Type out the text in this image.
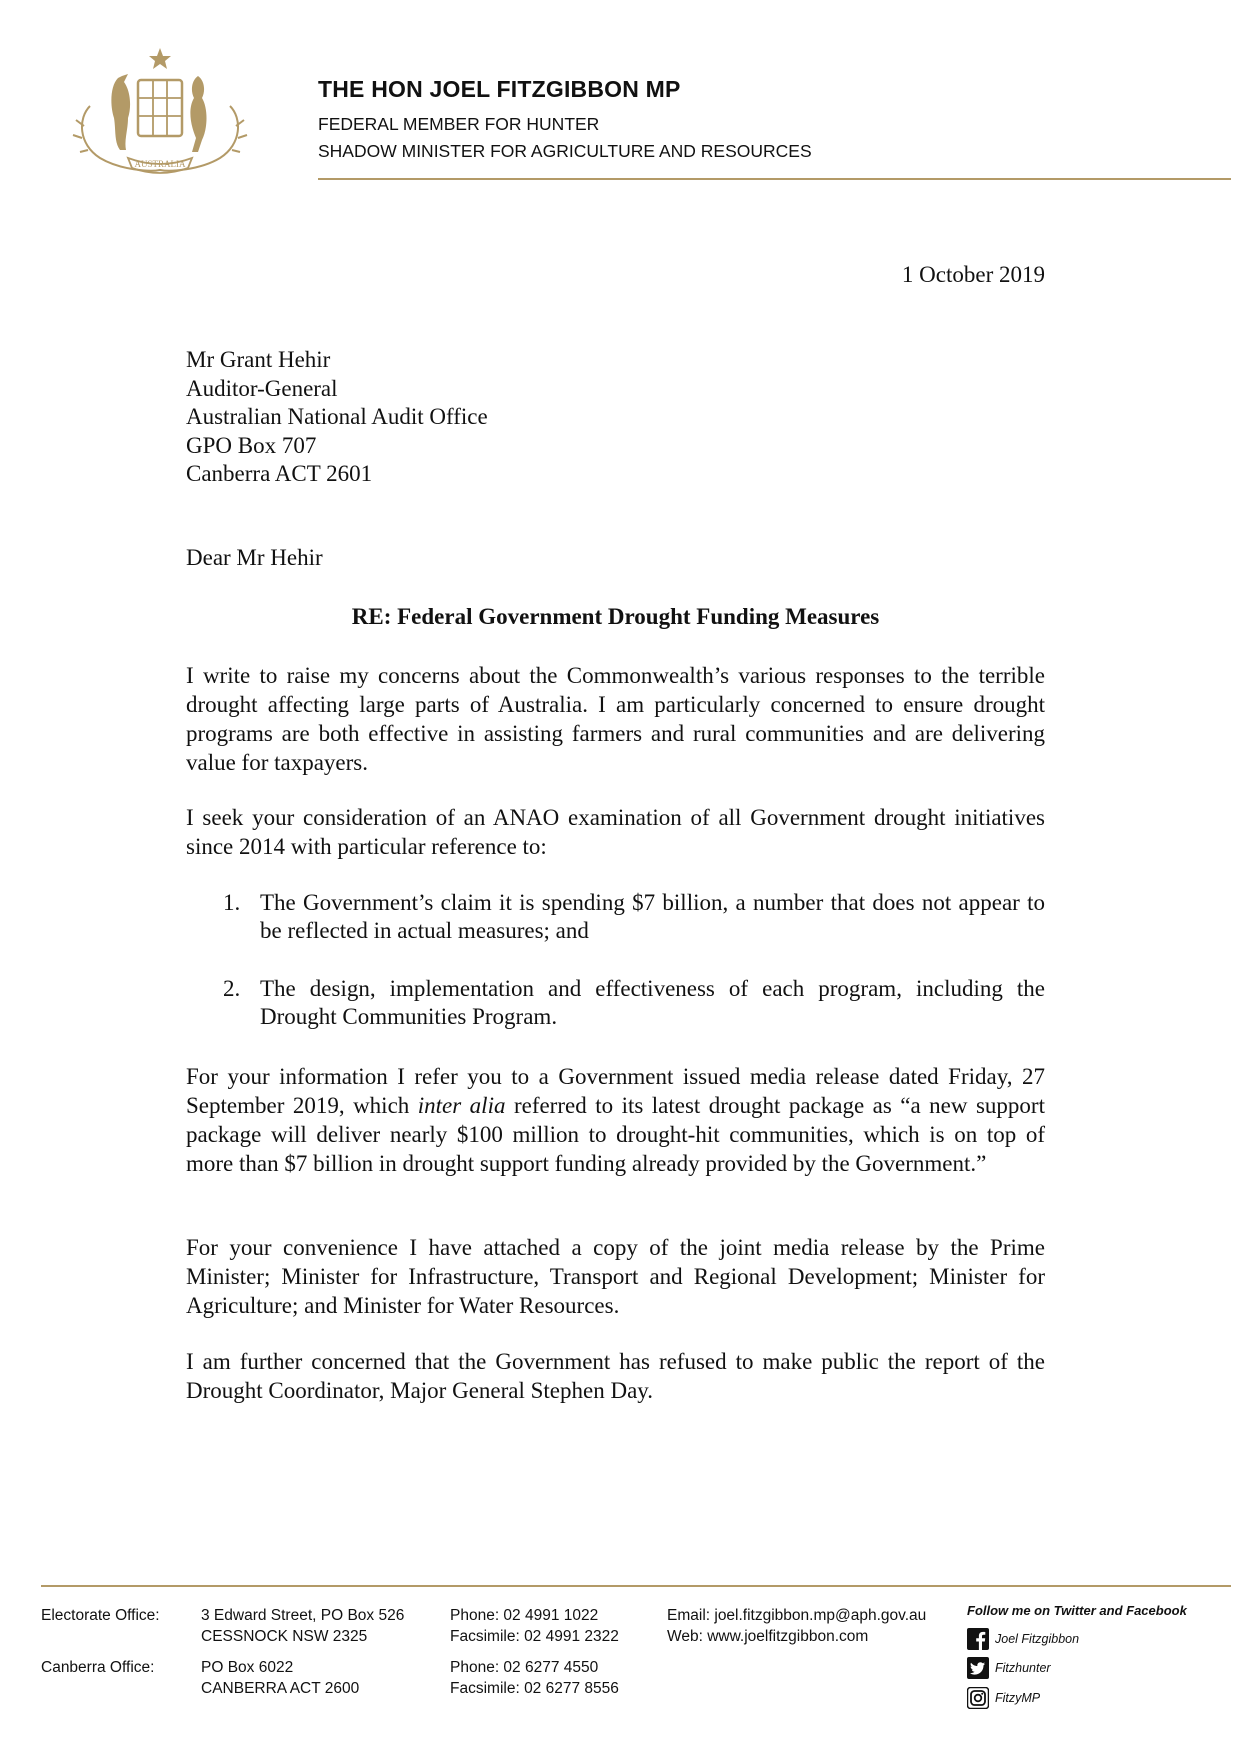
AUSTRALIA
THE HON JOEL FITZGIBBON MP
FEDERAL MEMBER FOR HUNTER
SHADOW MINISTER FOR AGRICULTURE AND RESOURCES
1 October 2019
Mr Grant Hehir
Auditor-General
Australian National Audit Office
GPO Box 707
Canberra ACT 2601
Dear Mr Hehir
RE: Federal Government Drought Funding Measures
I write to raise my concerns about the Commonwealth’s various responses to the terrible drought affecting large parts of Australia. I am particularly concerned to ensure drought programs are both effective in assisting farmers and rural communities and are delivering value for taxpayers.
I seek your consideration of an ANAO examination of all Government drought initiatives since 2014 with particular reference to:
1. The Government’s claim it is spending $7 billion, a number that does not appear to be reflected in actual measures; and
2. The design, implementation and effectiveness of each program, including the Drought Communities Program.
For your information I refer you to a Government issued media release dated Friday, 27 September 2019, which inter alia referred to its latest drought package as “a new support package will deliver nearly $100 million to drought-hit communities, which is on top of more than $7 billion in drought support funding already provided by the Government.”
For your convenience I have attached a copy of the joint media release by the Prime Minister; Minister for Infrastructure, Transport and Regional Development; Minister for Agriculture; and Minister for Water Resources.
I am further concerned that the Government has refused to make public the report of the Drought Coordinator, Major General Stephen Day.
Electorate Office:	3 Edward Street, PO Box 526
CESSNOCK NSW 2325
Phone: 02 4991 1022
Facsimile: 02 4991 2322
Email: joel.fitzgibbon.mp@aph.gov.au
Web: www.joelfitzgibbon.com
Canberra Office:	PO Box 6022
CANBERRA ACT 2600
Phone: 02 6277 4550
Facsimile: 02 6277 8556
Follow me on Twitter and Facebook
Joel Fitzgibbon
Fitzhunter
FitzyMP
